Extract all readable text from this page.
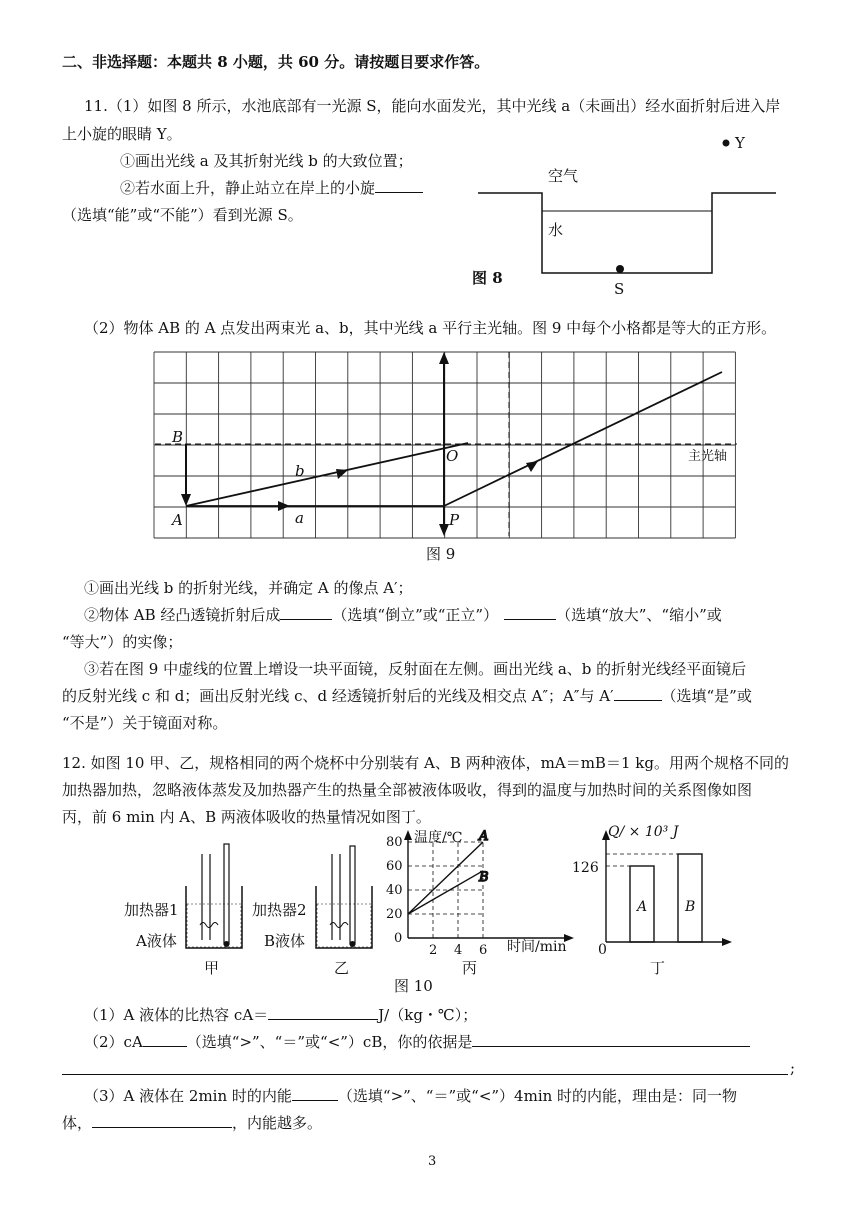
二、非选择题：本题共 8 小题，共 60 分。请按题目要求作答。
11.（1）如图 8 所示，水池底部有一光源 S，能向水面发光，其中光线 a（未画出）经水面折射后进入岸
上小旋的眼睛 Y。
①画出光线 a 及其折射光线 b 的大致位置；
②若水面上升，静止站立在岸上的小旋
（选填“能”或“不能”）看到光源 S。
Y
空气
水
图 8
S
（2）物体 AB 的 A 点发出两束光 a、b，其中光线 a 平行主光轴。图 9 中每个小格都是等大的正方形。
B
A
O
P
b
a
主光轴
图 9
①画出光线 b 的折射光线，并确定 A 的像点 A′；
②物体 AB 经凸透镜折射后成	（选填“倒立”或“正立”）	（选填“放大”、“缩小”或
“等大”）的实像；
③若在图 9 中虚线的位置上增设一块平面镜，反射面在左侧。画出光线 a、b 的折射光线经平面镜后
的反射光线 c 和 d；画出反射光线 c、d 经透镜折射后的光线及相交点 A″；A″与 A′	（选填“是”或
“不是”）关于镜面对称。
12. 如图 10 甲、乙，规格相同的两个烧杯中分别装有 A、B 两种液体，mA＝mB＝1 kg。用两个规格不同的
加热器加热，忽略液体蒸发及加热器产生的热量全部被液体吸收，得到的温度与加热时间的关系图像如图
丙，前 6 min 内 A、B 两液体吸收的热量情况如图丁。
加热器1
A液体
甲
加热器2
B液体
乙
A
B
20
40
60
80
0
2 4 6
温度/℃
时间/min
丙
图 10
Q/ × 10³ J
126
0
A	B
丁
（1）A 液体的比热容 cA＝	J/（kg・℃）；
（2）cA	（选填“>”、“＝”或“<”）cB，你的依据是
;
（3）A 液体在 2min 时的内能	（选填“>”、“＝”或“<”）4min 时的内能，理由是：同一物
体，	，内能越多。
3
